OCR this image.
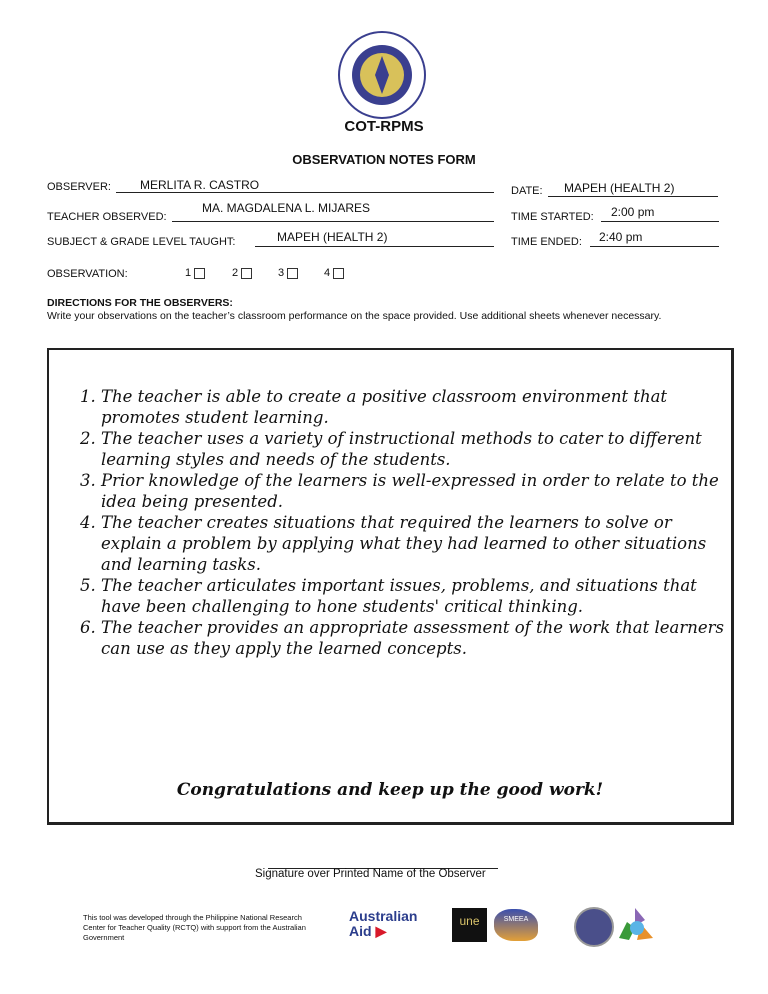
COT-RPMS
OBSERVATION NOTES FORM
OBSERVER: MERLITA R. CASTRO
TEACHER OBSERVED:
MA. MAGDALENA L. MIJARES
SUBJECT & GRADE LEVEL TAUGHT:	MAPEH (HEALTH 2)
DATE: MAPEH (HEALTH 2)
TIME STARTED: 2:00 pm
TIME ENDED: 2:40 pm
OBSERVATION:	1	2	3	4
DIRECTIONS FOR THE OBSERVERS:
Write your observations on the teacher’s classroom performance on the space provided. Use additional sheets whenever necessary.
1. The teacher is able to create a positive classroom environment that promotes student learning.
2. The teacher uses a variety of instructional methods to cater to different learning styles and needs of the students.
3. Prior knowledge of the learners is well-expressed in order to relate to the idea being presented.
4. The teacher creates situations that required the learners to solve or explain a problem by applying what they had learned to other situations and learning tasks.
5. The teacher articulates important issues, problems, and situations that have been challenging to hone students' critical thinking.
6. The teacher provides an appropriate assessment of the work that learners can use as they apply the learned concepts.
Congratulations and keep up the good work!
Signature over Printed Name of the Observer
This tool was developed through the Philippine National Research Center for Teacher Quality (RCTQ) with support from the Australian Government
Australian Aid ▶
une	SMEEA
